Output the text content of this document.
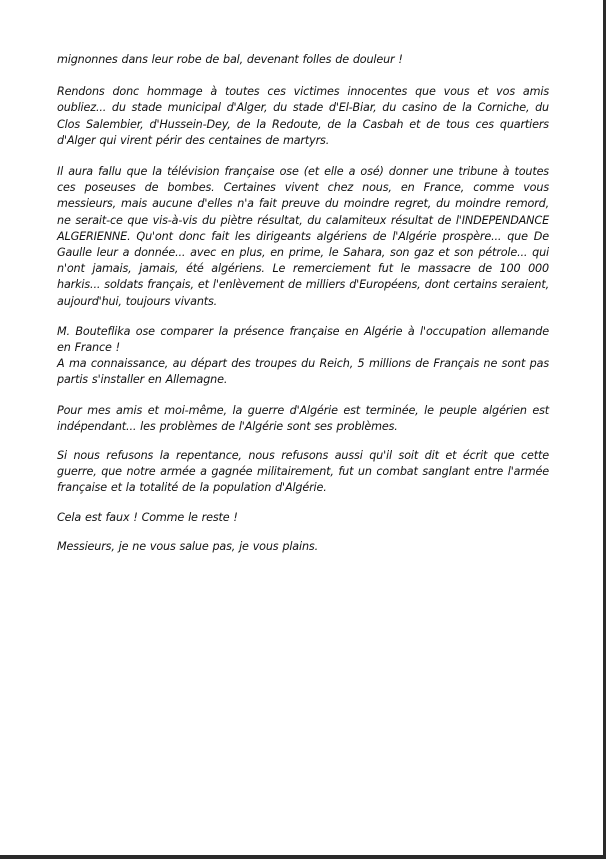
mignonnes dans leur robe de bal, devenant folles de douleur !

Rendons donc hommage à toutes ces victimes innocentes que vous et vos amis oubliez... du stade municipal d'Alger, du stade d'El-Biar, du casino de la Corniche, du Clos Salembier, d'Hussein-Dey, de la Redoute, de la Casbah et de tous ces quartiers d'Alger qui virent périr des centaines de martyrs.

Il aura fallu que la télévision française ose (et elle a osé) donner une tribune à toutes ces poseuses de bombes. Certaines vivent chez nous, en France, comme vous messieurs, mais aucune d'elles n'a fait preuve du moindre regret, du moindre remord, ne serait-ce que vis-à-vis du piètre résultat, du calamiteux résultat de l'INDEPENDANCE ALGERIENNE. Qu'ont donc fait les dirigeants algériens de l'Algérie prospère... que De Gaulle leur a donnée... avec en plus, en prime, le Sahara, son gaz et son pétrole... qui n'ont jamais, jamais, été algériens. Le remerciement fut le massacre de 100 000 harkis... soldats français, et l'enlèvement de milliers d'Européens, dont certains seraient, aujourd'hui, toujours vivants.

M. Bouteflika ose comparer la présence française en Algérie à l'occupation allemande en France !
A ma connaissance, au départ des troupes du Reich, 5 millions de Français ne sont pas partis s'installer en Allemagne.

Pour mes amis et moi-même, la guerre d'Algérie est terminée, le peuple algérien est indépendant... les problèmes de l'Algérie sont ses problèmes.

Si nous refusons la repentance, nous refusons aussi qu'il soit dit et écrit que cette guerre, que notre armée a gagnée militairement, fut un combat sanglant entre l'armée française et la totalité de la population d'Algérie.

Cela est faux ! Comme le reste !

Messieurs, je ne vous salue pas, je vous plains.
